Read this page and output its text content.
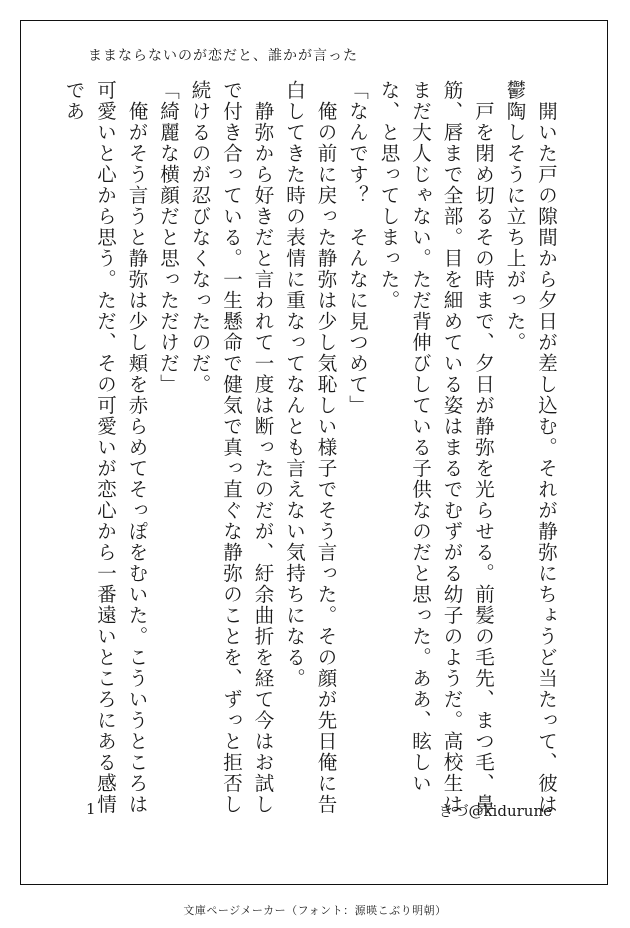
ままならないのが恋だと、誰かが言った
　開いた戸の隙間から夕日が差し込む。それが静弥にちょうど当たって、彼は鬱陶しそうに立ち上がった。
　戸を閉め切るその時まで、夕日が静弥を光らせる。前髪の毛先、まつ毛、鼻筋、唇まで全部。目を細めている姿はまるでむずがる幼子のようだ。高校生はまだ大人じゃない。ただ背伸びしている子供なのだと思った。ああ、眩しいな、と思ってしまった。
「なんです？　そんなに見つめて」
　俺の前に戻った静弥は少し気恥しい様子でそう言った。その顔が先日俺に告白してきた時の表情に重なってなんとも言えない気持ちになる。
　静弥から好きだと言われて一度は断ったのだが、紆余曲折を経て今はお試しで付き合っている。一生懸命で健気で真っ直ぐな静弥のことを、ずっと拒否し続けるのが忍びなくなったのだ。
「綺麗な横顔だと思っただけだ」
　俺がそう言うと静弥は少し頬を赤らめてそっぽをむいた。こういうところは可愛いと心から思う。ただ、その可愛いが恋心から一番遠いところにある感情であ
1	きづ@kidurune
文庫ページメーカー（フォント：源暎こぶり明朝）
